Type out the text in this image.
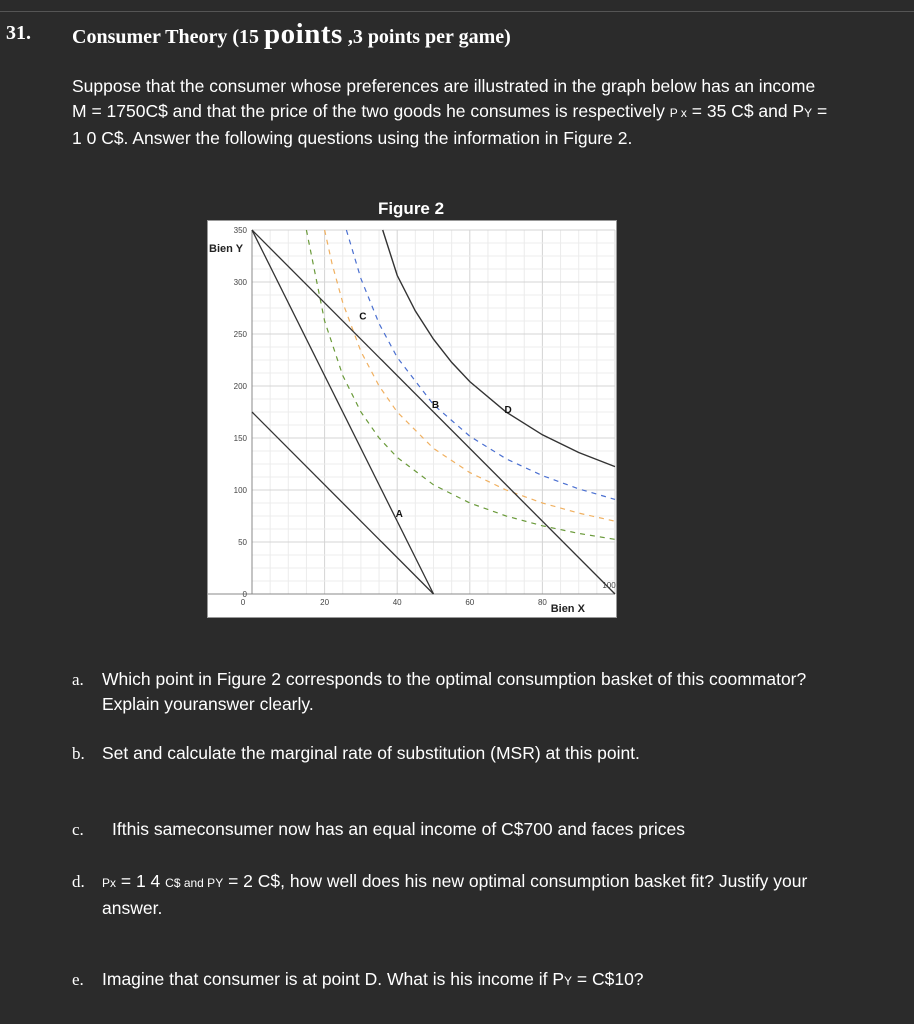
31. Consumer Theory (15 points ,3 points per game)
Suppose that the consumer whose preferences are illustrated in the graph below has an income M = 1750C$ and that the price of the two goods he consumes is respectively P x = 35 C$ and PY = 1 0 C$. Answer the following questions using the information in Figure 2.
Figure 2
0
50
100
150
200
250
300
350
0	20	40	60	80
100
Bien Y
Bien X
A
B
C
D
a. Which point in Figure 2 corresponds to the optimal consumption basket of this coommator? Explain youranswer clearly.
b. Set and calculate the marginal rate of substitution (MSR) at this point.
c. Ifthis sameconsumer now has an equal income of C$700 and faces prices
d. Px = 1 4 C$ and PY = 2 C$, how well does his new optimal consumption basket fit? Justify your answer.
e. Imagine that consumer is at point D. What is his income if PY = C$10?
